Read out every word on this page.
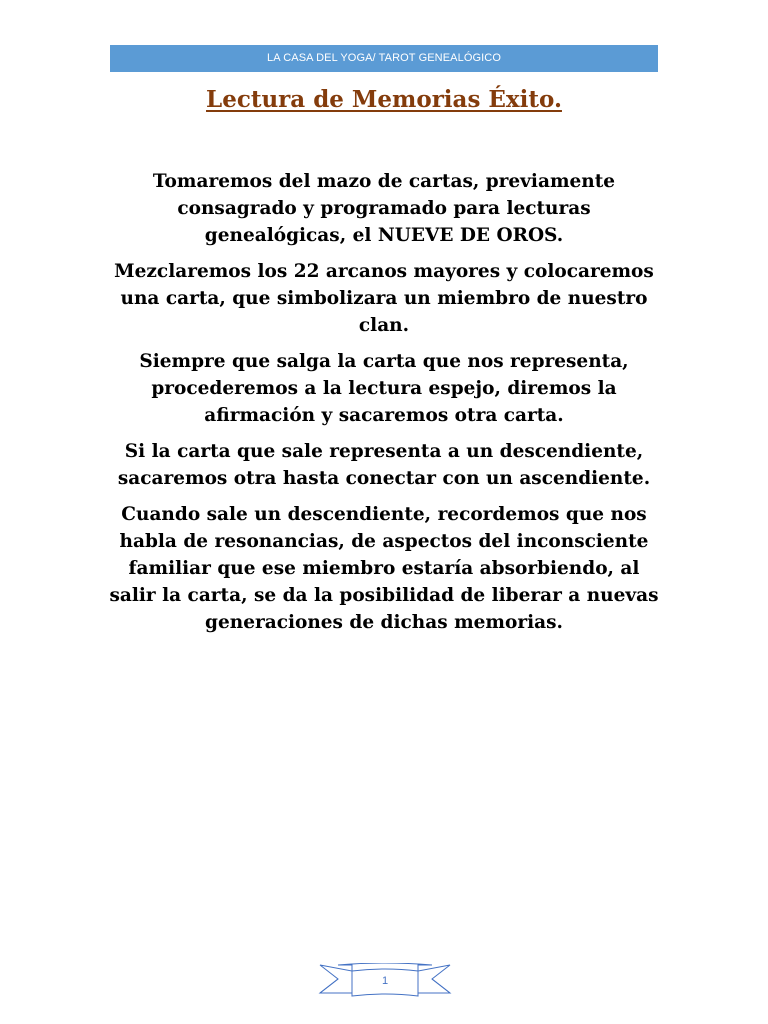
LA CASA DEL YOGA/ TAROT GENEALÓGICO
Lectura de Memorias Éxito.

Tomaremos del mazo de cartas, previamente consagrado y programado para lecturas genealógicas, el NUEVE DE OROS.

Mezclaremos los 22 arcanos mayores y colocaremos una carta, que simbolizara un miembro de nuestro clan.

Siempre que salga la carta que nos representa, procederemos a la lectura espejo, diremos la afirmación y sacaremos otra carta.

Si la carta que sale representa a un descendiente, sacaremos otra hasta conectar con un ascendiente.

Cuando sale un descendiente, recordemos que nos habla de resonancias, de aspectos del inconsciente familiar que ese miembro estaría absorbiendo, al salir la carta, se da la posibilidad de liberar a nuevas generaciones de dichas memorias.

1
